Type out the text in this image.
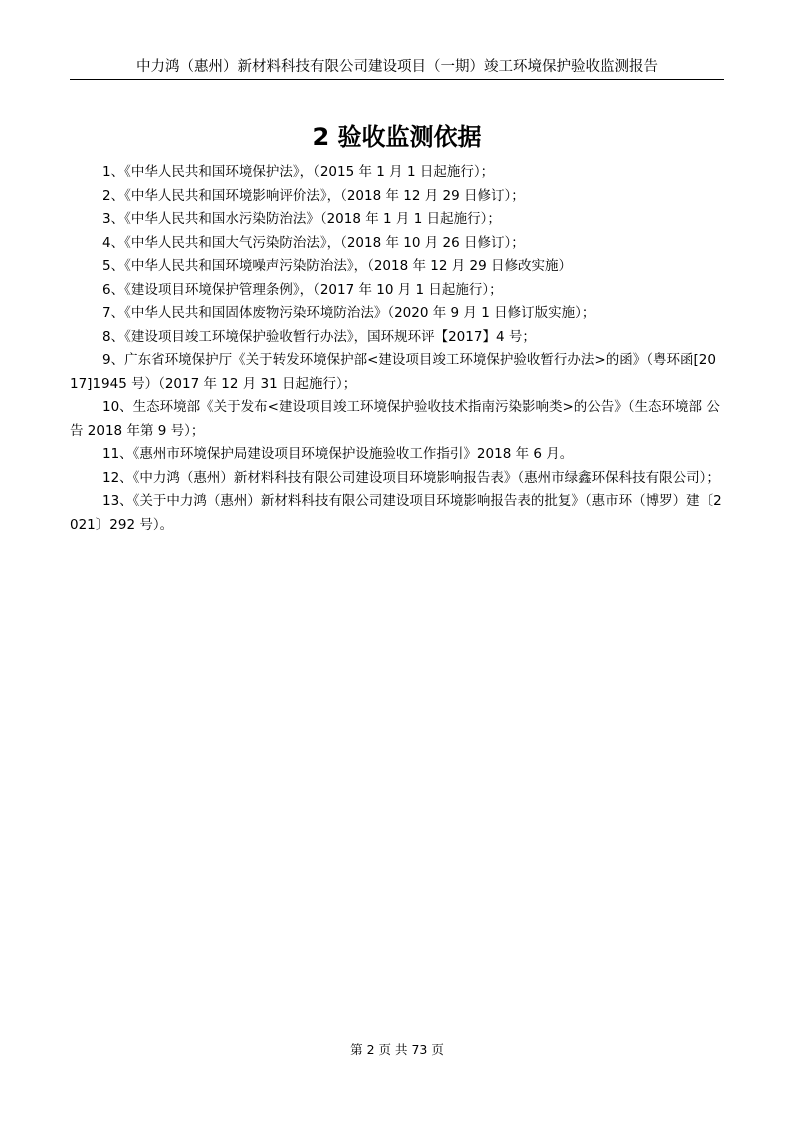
中力鸿（惠州）新材料科技有限公司建设项目（一期）竣工环境保护验收监测报告
2 验收监测依据
1、《中华人民共和国环境保护法》，（2015 年 1 月 1 日起施行）；
2、《中华人民共和国环境影响评价法》，（2018 年 12 月 29 日修订）；
3、《中华人民共和国水污染防治法》（2018 年 1 月 1 日起施行）；
4、《中华人民共和国大气污染防治法》，（2018 年 10 月 26 日修订）；
5、《中华人民共和国环境噪声污染防治法》，（2018 年 12 月 29 日修改实施）
6、《建设项目环境保护管理条例》，（2017 年 10 月 1 日起施行）；
7、《中华人民共和国固体废物污染环境防治法》（2020 年 9 月 1 日修订版实施）；
8、《建设项目竣工环境保护验收暂行办法》，国环规环评【2017】4 号；
9、广东省环境保护厅《关于转发环境保护部<建设项目竣工环境保护验收暂行办法>的函》（粤环函[2017]1945 号）（2017 年 12 月 31 日起施行）；
10、生态环境部《关于发布<建设项目竣工环境保护验收技术指南污染影响类>的公告》（生态环境部 公告 2018 年第 9 号）；
11、《惠州市环境保护局建设项目环境保护设施验收工作指引》2018 年 6 月。
12、《中力鸿（惠州）新材料科技有限公司建设项目环境影响报告表》（惠州市绿鑫环保科技有限公司）；
13、《关于中力鸿（惠州）新材料科技有限公司建设项目环境影响报告表的批复》（惠市环（博罗）建〔2021〕292 号）。
第 2 页 共 73 页
